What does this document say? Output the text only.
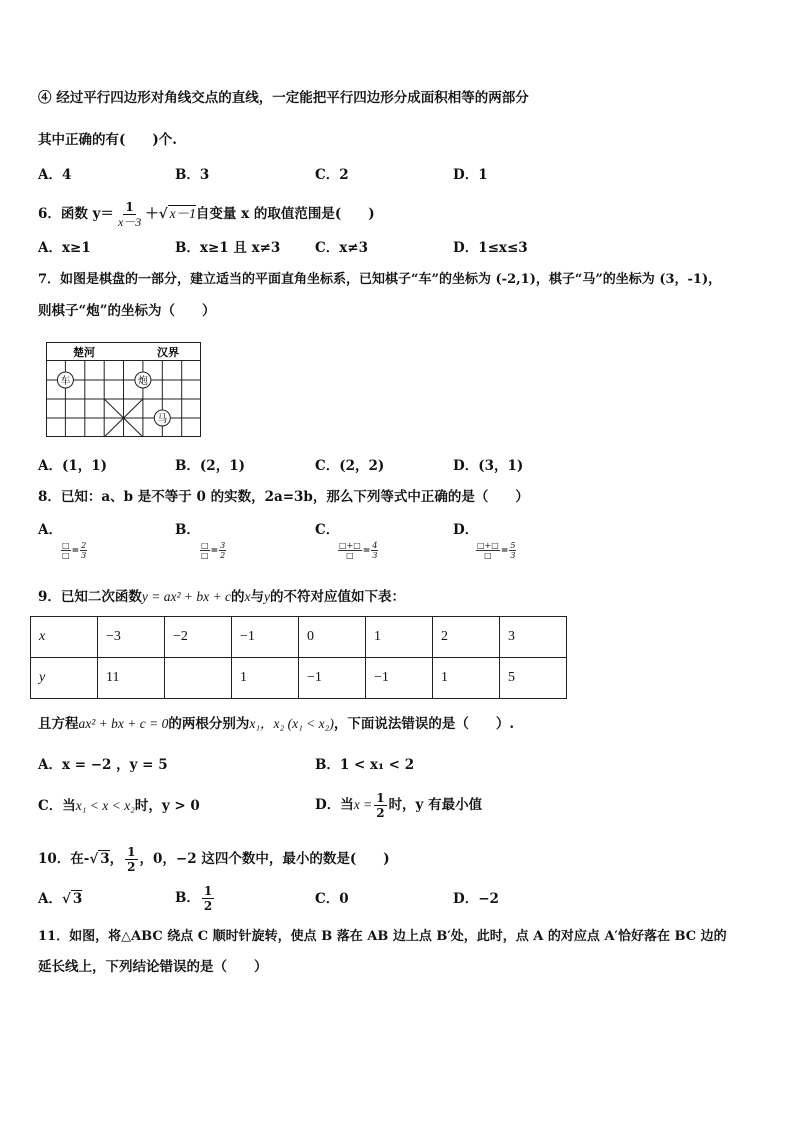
④ 经过平行四边形对角线交点的直线，一定能把平行四边形分成面积相等的两部分
其中正确的有(　　)个.
A．4	B．3	C．2	D．1
6．函数 $y= \frac{1}{x-3}$ ＋√ x－1自变量 x 的取值范围是(　　)
A．x≥1	B．x≥1 且 x≠3	C．x≠3	D．1≤x≤3
7．如图是棋盘的一部分，建立适当的平面直角坐标系，已知棋子“车”的坐标为 (-2,1)，棋子“马”的坐标为 (3，-1)，
则棋子“炮”的坐标为（　　）
楚河	汉界
车	炮
马
A．(1，1)	B．(2，1)	C．(2，2)	D．(3，1)
8．已知：a、b 是不等于 0 的实数，2a=3b，那么下列等式中正确的是（　　）
A．
$\frac{□}{□} = \frac{2}{3}$
B．
$\frac{□}{□} = \frac{3}{2}$
C．
$\frac{□+□}{□} = \frac{4}{3}$
D．
$\frac{□+□}{□} = \frac{5}{3}$
9．已知二次函数y = ax² + bx + c的x与y的不符对应值如下表：
x	−3	−2	−1	0	1	2	3
y	11		1	−1	−1	1	5
且方程ax² + bx + c = 0的两根分别为x₁，x₂ (x₁ < x₂)，下面说法错误的是（　　）.
A．x = −2 ，y = 5	B．1 < x₁ < 2
C．当x₁ < x < x₂时，y > 0	D．当$x = \frac{1}{2}$ 时，y 有最小值
10．在-√ 3， $\frac{1}{2}$ ，0，−2 这四个数中，最小的数是(　　)
A．√ 3	B． $\frac{1}{2}$	C．0	D．−2
11．如图，将△ABC 绕点 C 顺时针旋转，使点 B 落在 AB 边上点 B′处，此时，点 A 的对应点 A′恰好落在 BC 边的
延长线上，下列结论错误的是（　　）
